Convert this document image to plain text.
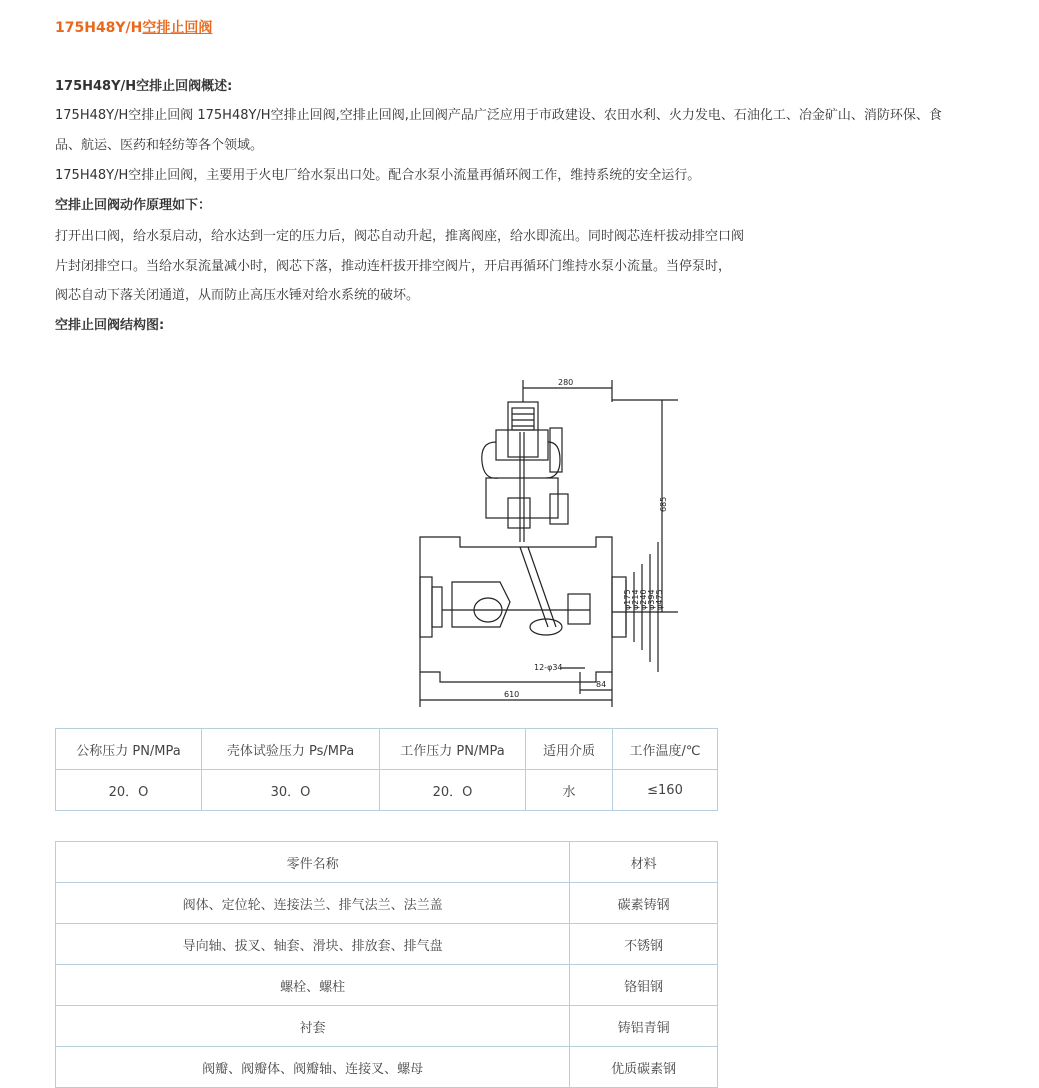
175H48Y/H空排止回阀
175H48Y/H空排止回阀概述:
175H48Y/H空排止回阀 175H48Y/H空排止回阀,空排止回阀,止回阀产品广泛应用于市政建设、农田水利、火力发电、石油化工、冶金矿山、消防环保、食
品、航运、医药和轻纺等各个领域。
175H48Y/H空排止回阀，主要用于火电厂给水泵出口处。配合水泵小流量再循环阀工作，维持系统的安全运行。
空排止回阀动作原理如下：
打开出口阀，给水泵启动，给水达到一定的压力后，阀芯自动升起，推离阀座，给水即流出。同时阀芯连杆拔动排空口阀
片封闭排空口。当给水泵流量减小时，阀芯下落，推动连杆拔开排空阀片，开启再循环门维持水泵小流量。当停泵时，
阀芯自动下落关闭通道，从而防止高压水锤对给水系统的破坏。
空排止回阀结构图:
280
685
610
84
12-φ34
φ175 φ214 φ240 φ394 φ475
公称压力 PN/MPa	壳体试验压力 Ps/MPa	工作压力 PN/MPa	适用介质	工作温度/℃
20．O	30．O	20．O	水	≤160
零件名称	材料
阀体、定位轮、连接法兰、排气法兰、法兰盖	碳素铸钢
导向轴、拔叉、轴套、滑块、排放套、排气盘	不锈钢
螺栓、螺柱	铬钼钢
衬套	铸铝青铜
阀瓣、阀瓣体、阀瓣轴、连接叉、螺母	优质碳素钢
